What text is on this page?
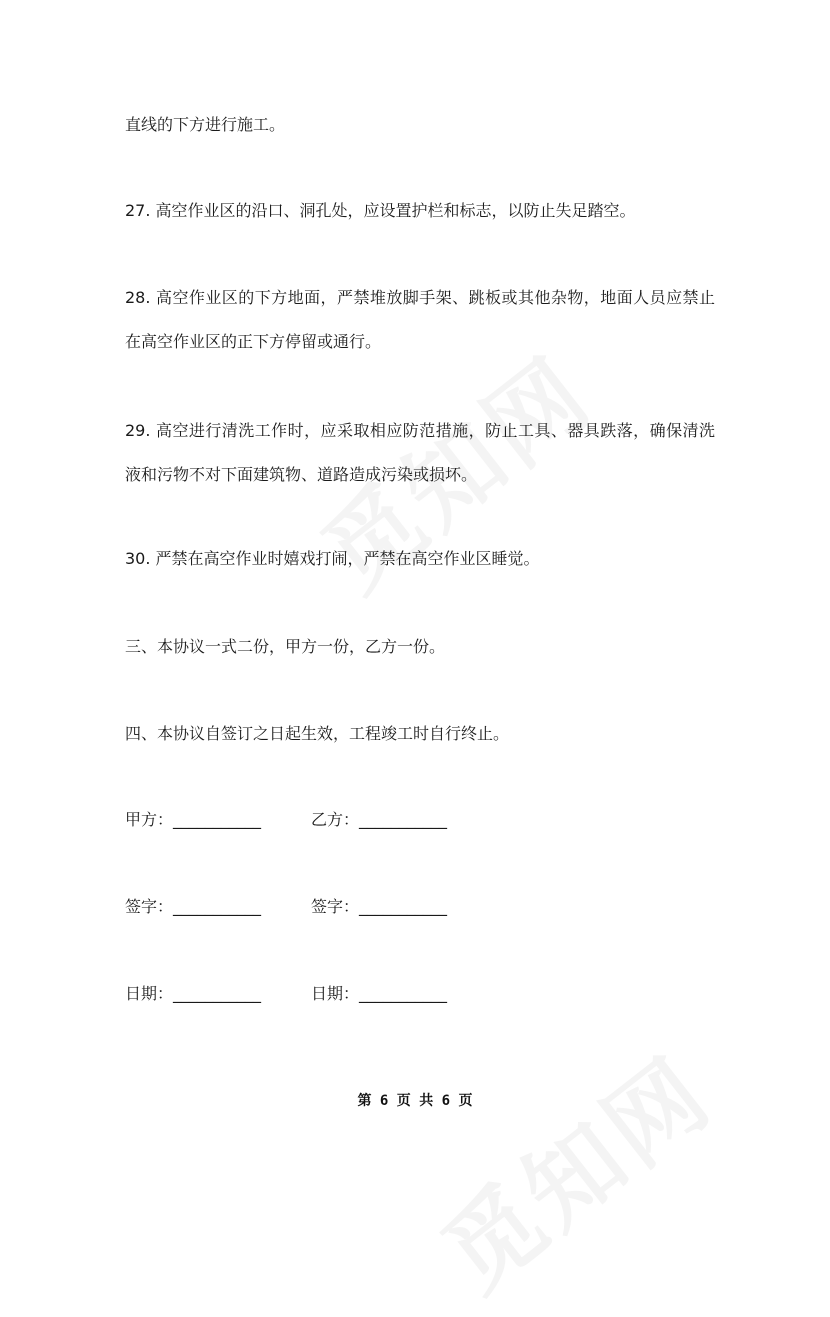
直线的下方进行施工。

27. 高空作业区的沿口、洞孔处，应设置护栏和标志，以防止失足踏空。

28. 高空作业区的下方地面，严禁堆放脚手架、跳板或其他杂物，地面人员应禁止在高空作业区的正下方停留或通行。

29. 高空进行清洗工作时，应采取相应防范措施，防止工具、器具跌落，确保清洗液和污物不对下面建筑物、道路造成污染或损坏。

30. 严禁在高空作业时嬉戏打闹，严禁在高空作业区睡觉。

三、本协议一式二份，甲方一份，乙方一份。

四、本协议自签订之日起生效，工程竣工时自行终止。

甲方：___________	乙方：___________
签字：___________	签字：___________
日期：___________	日期：___________
第 6 页 共 6 页
